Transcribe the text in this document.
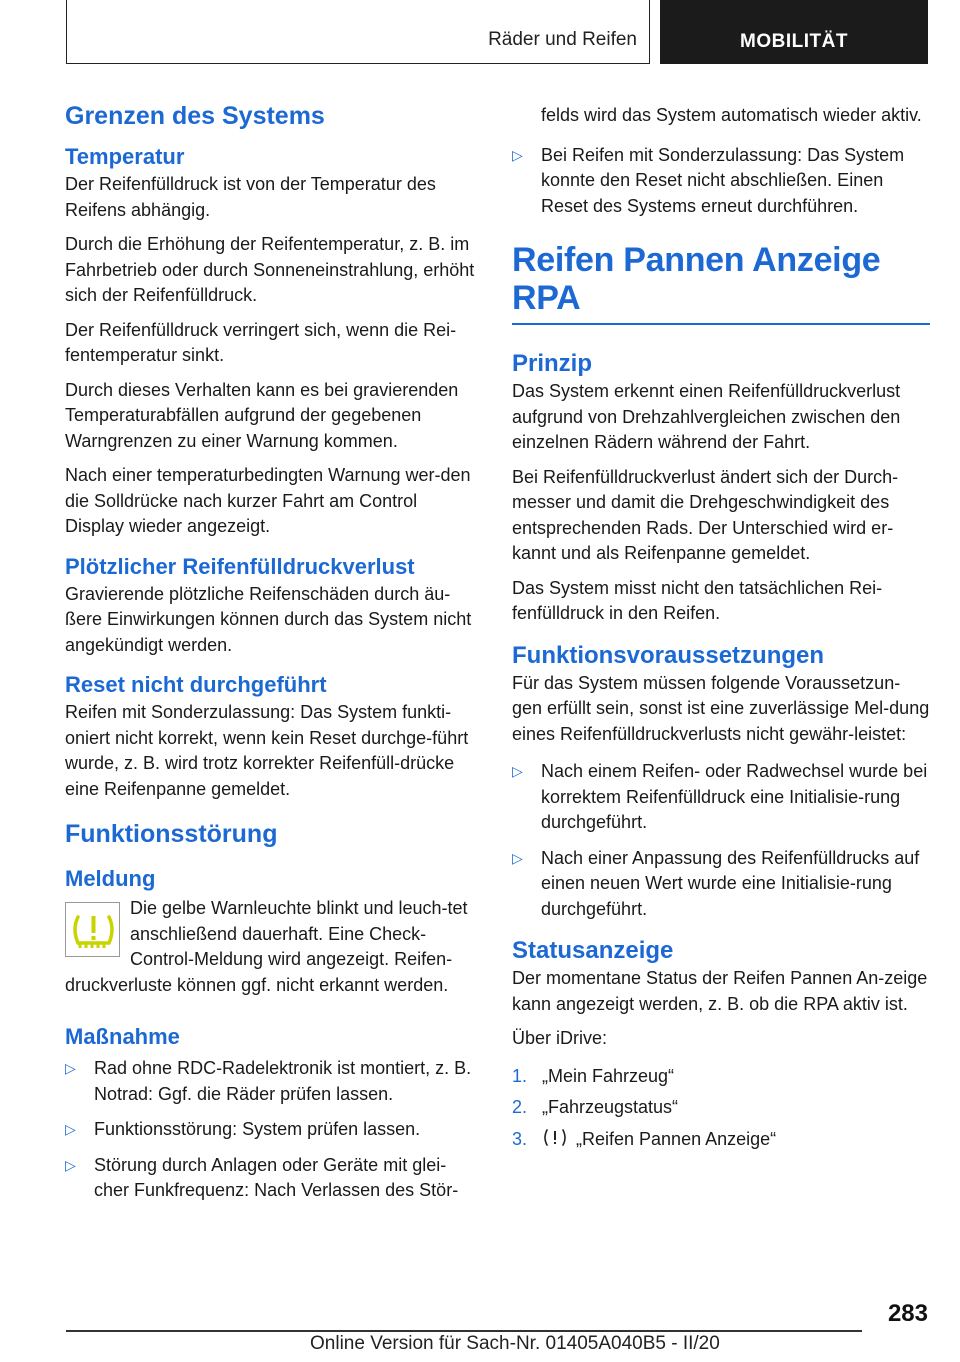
Räder und Reifen	MOBILITÄT
Grenzen des Systems
Temperatur

Der Reifenfülldruck ist von der Temperatur des Reifens abhängig.

Durch die Erhöhung der Reifentemperatur, z. B. im Fahrbetrieb oder durch Sonneneinstrahlung, erhöht sich der Reifenfülldruck.

Der Reifenfülldruck verringert sich, wenn die Rei‐fentemperatur sinkt.

Durch dieses Verhalten kann es bei gravierenden Temperaturabfällen aufgrund der gegebenen Warngrenzen zu einer Warnung kommen.

Nach einer temperaturbedingten Warnung wer‐den die Solldrücke nach kurzer Fahrt am Control Display wieder angezeigt.

Plötzlicher Reifenfülldruckverlust

Gravierende plötzliche Reifenschäden durch äu‐ßere Einwirkungen können durch das System nicht angekündigt werden.

Reset nicht durchgeführt

Reifen mit Sonderzulassung: Das System funkti‐oniert nicht korrekt, wenn kein Reset durchge‐führt wurde, z. B. wird trotz korrekter Reifenfüll‐drücke eine Reifenpanne gemeldet.

Funktionsstörung
Meldung

Die gelbe Warnleuchte blinkt und leuch‐tet anschließend dauerhaft. Eine Check-Control-Meldung wird angezeigt. Reifen‐druckverluste können ggf. nicht erkannt werden.

Maßnahme
▷ Rad ohne RDC-Radelektronik ist montiert, z. B. Notrad: Ggf. die Räder prüfen lassen.
▷ Funktionsstörung: System prüfen lassen.
▷ Störung durch Anlagen oder Geräte mit glei‐cher Funkfrequenz: Nach Verlassen des Stör‐
felds wird das System automatisch wieder aktiv.
▷ Bei Reifen mit Sonderzulassung: Das System konnte den Reset nicht abschließen. Einen Reset des Systems erneut durchführen.
Reifen Pannen Anzeige RPA
Prinzip

Das System erkennt einen Reifenfülldruckverlust aufgrund von Drehzahlvergleichen zwischen den einzelnen Rädern während der Fahrt.

Bei Reifenfülldruckverlust ändert sich der Durch‐messer und damit die Drehgeschwindigkeit des entsprechenden Rads. Der Unterschied wird er‐kannt und als Reifenpanne gemeldet.

Das System misst nicht den tatsächlichen Rei‐fenfülldruck in den Reifen.

Funktionsvoraussetzungen

Für das System müssen folgende Voraussetzun‐gen erfüllt sein, sonst ist eine zuverlässige Mel‐dung eines Reifenfülldruckverlusts nicht gewähr‐leistet:

▷ Nach einem Reifen- oder Radwechsel wurde bei korrektem Reifenfülldruck eine Initialisie‐rung durchgeführt.
▷ Nach einer Anpassung des Reifenfülldrucks auf einen neuen Wert wurde eine Initialisie‐rung durchgeführt.
Statusanzeige

Der momentane Status der Reifen Pannen An‐zeige kann angezeigt werden, z. B. ob die RPA aktiv ist.

Über iDrive:

1. „Mein Fahrzeug“
2. „Fahrzeugstatus“
3.	„Reifen Pannen Anzeige“
283
Online Version für Sach-Nr. 01405A040B5 - II/20
